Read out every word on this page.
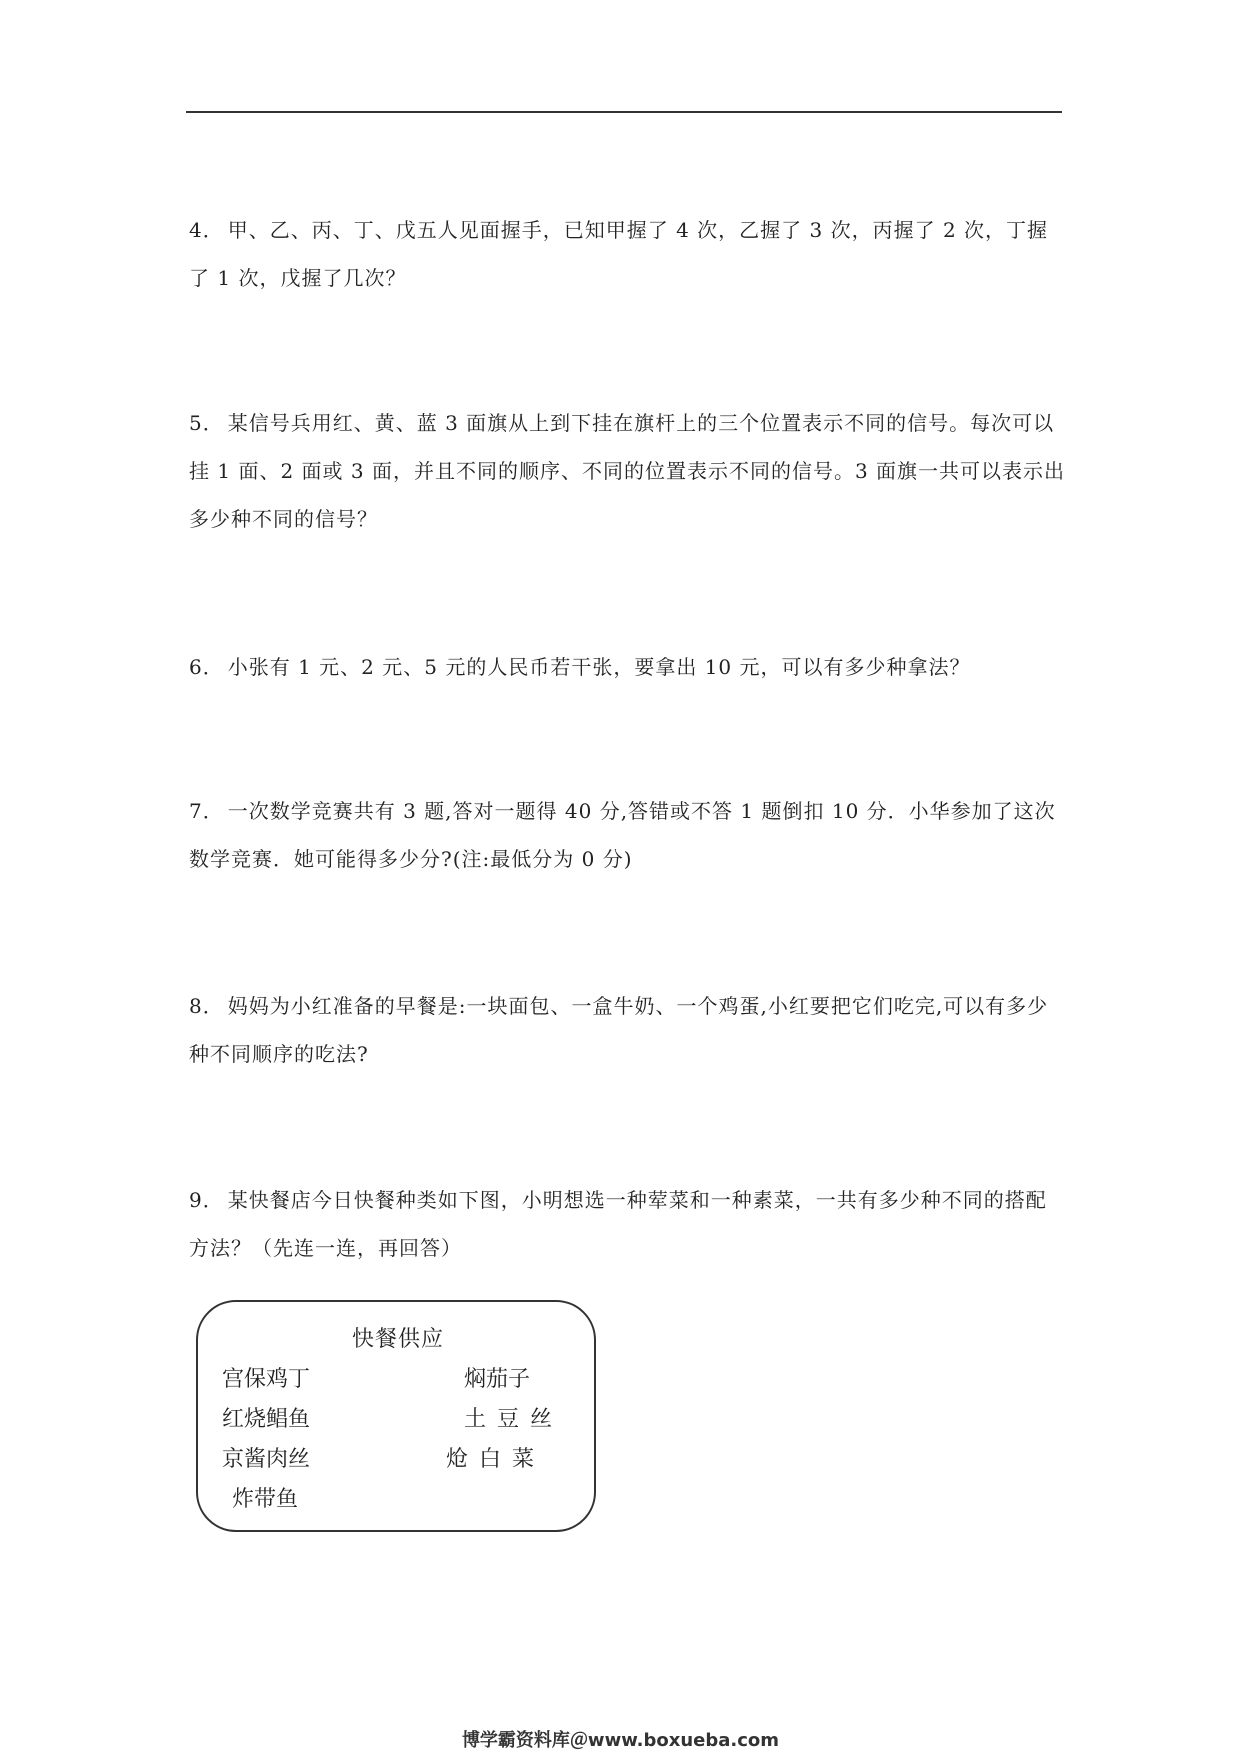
4． 甲、乙、丙、丁、戊五人见面握手，已知甲握了 4 次，乙握了 3 次，丙握了 2 次，丁握了 1 次，戊握了几次？

5． 某信号兵用红、黄、蓝 3 面旗从上到下挂在旗杆上的三个位置表示不同的信号。每次可以挂 1 面、2 面或 3 面，并且不同的顺序、不同的位置表示不同的信号。3 面旗一共可以表示出多少种不同的信号？

6． 小张有 1 元、2 元、5 元的人民币若干张，要拿出 10 元，可以有多少种拿法？

7． 一次数学竞赛共有 3 题,答对一题得 40 分,答错或不答 1 题倒扣 10 分．小华参加了这次数学竞赛．她可能得多少分?(注:最低分为 0 分)

8． 妈妈为小红准备的早餐是:一块面包、一盒牛奶、一个鸡蛋,小红要把它们吃完,可以有多少种不同顺序的吃法?

9． 某快餐店今日快餐种类如下图，小明想选一种荤菜和一种素菜，一共有多少种不同的搭配方法？（先连一连，再回答）

快餐供应
宫保鸡丁
红烧鲳鱼
京酱肉丝
炸带鱼
焖茄子
土 豆 丝
炝 白 菜
博学霸资料库＠www.boxueba.com
